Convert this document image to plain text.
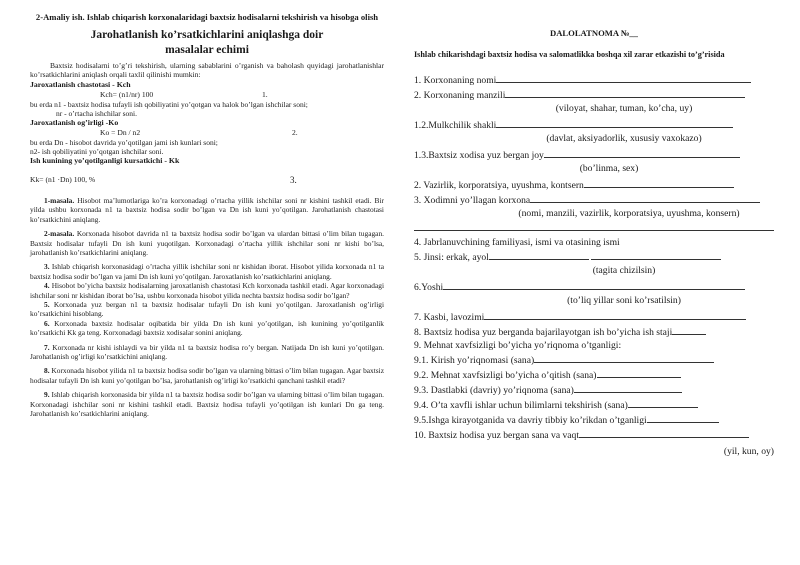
2-Amaliy ish. Ishlab chiqarish korxonalaridagi baxtsiz hodisalarni tekshirish va hisobga olish

Jarohatlanish ko’rsatkichlarini aniqlashga doir

masalalar echimi

Baxtsiz hodisalarni to’g’ri tekshirish, ularning sabablarini o’rganish va baholash quyidagi jarohatlanishlar ko’rsatkichlarini aniqlash orqali taxlil qilinishi mumkin:

Jaroxatlanish chastotasi - Kch

Kch= (n1/nr) 100	1.

bu erda n1 - baxtsiz hodisa tufayli ish qobiliyatini yo’qotgan va halok bo’lgan ishchilar soni;

nr - o’rtacha ishchilar soni.

Jaroxatlanish og’irligi -Ko

Ko = Dn / n2	2.

bu erda Dn - hisobot davrida yo’qotilgan jami ish kunlari soni;

n2- ish qobiliyatini yo’qotgan ishchilar soni.

Ish kunining yo’qotilganligi kursatkichi - Kk

Kk= (n1 ·Dn) 100, %	3.

1-masala. Hisobot ma’lumotlariga ko’ra korxonadagi o’rtacha yillik ishchilar soni nr kishini tashkil etadi. Bir yilda ushbu korxonada n1 ta baxtsiz hodisa sodir bo’lgan va Dn ish kuni yo’qotilgan. Jarohatlanish chastotasi ko’rsatkichini aniqlang.

2-masala. Korxonada hisobot davrida n1 ta baxtsiz hodisa sodir bo’lgan va ulardan bittasi o’lim bilan tugagan. Baxtsiz hodisalar tufayli Dn ish kuni yuqotilgan. Korxonadagi o’rtacha yillik ishchilar soni nr kishi bo’lsa, jarohatlanish ko’rsatkichlarini aniqlang.

3. Ishlab chiqarish korxonasidagi o’rtacha yillik ishchilar soni nr kishidan iborat. Hisobot yilida korxonada n1 ta baxtsiz hodisa sodir bo’lgan va jami Dn ish kuni yo’qotilgan. Jaroxatlanish ko’rsatkichlarini aniqlang.

4. Hisobot bo’yicha baxtsiz hodisalarning jaroxatlanish chastotasi Kch korxonada tashkil etadi. Agar korxonadagi ishchilar soni nr kishidan iborat bo’lsa, ushbu korxonada hisobot yilida nechta baxtsiz hodisa sodir bo’lgan?

5. Korxonada yuz bergan n1 ta baxtsiz hodisalar tufayli Dn ish kuni yo’qotilgan. Jaroxatlanish og’irligi ko’rsatkichini hisoblang.

6. Korxonada baxtsiz hodisalar oqibatida bir yilda Dn ish kuni yo’qotilgan, ish kunining yo’qotilganlik ko’rsatkichi Kk ga teng. Korxonadagi baxtsiz xodisalar sonini aniqlang.

7. Korxonada nr kishi ishlaydi va bir yilda n1 ta baxtsiz hodisa ro’y bergan. Natijada Dn ish kuni yo’qotilgan. Jarohatlanish og’irligi ko’rsatkichini aniqlang.

8. Korxonada hisobot yilida n1 ta baxtsiz hodisa sodir bo’lgan va ularning bittasi o’lim bilan tugagan. Agar baxtsiz hodisalar tufayli Dn ish kuni yo’qotilgan bo’lsa, jarohatlanish og’irligi ko’rsatkichi qanchani tashkil etadi?

9. Ishlab chiqarish korxonasida bir yilda n1 ta baxtsiz hodisa sodir bo’lgan va ularning bittasi o’lim bilan tugagan. Korxonadagi ishchilar soni nr kishini tashkil etadi. Baxtsiz hodisa tufayli yo’qotilgan ish kunlari Dn ga teng. Jarohatlanish ko’rsatkichlarini aniqlang.

DALOLATNOMA №__

Ishlab chikarishdagi baxtsiz hodisa va salomatlikka boshqa xil zarar etkazishi to’g’risida

1. Korxonaning nomi

2. Korxonaning manzili

(viloyat, shahar, tuman, ko’cha, uy)

1.2.Mulkchilik shakli

(davlat, aksiyadorlik, xususiy vaxokazo)

1.3.Baxtsiz xodisa yuz bergan joy

(bo’linma, sex)

2. Vazirlik, korporatsiya, uyushma, kontsern

3. Xodimni yo’llagan korxona

(nomi, manzili, vazirlik, korporatsiya, uyushma, konsern)

4. Jabrlanuvchining familiyasi, ismi va otasining ismi

5. Jinsi: erkak, ayol

(tagita chizilsin)

6.Yoshi

(to’liq yillar soni ko’rsatilsin)

7. Kasbi, lavozimi

8. Baxtsiz hodisa yuz berganda bajarilayotgan ish bo’yicha ish staji

9. Mehnat xavfsizligi bo’yicha yo’riqnoma o’tganligi:

9.1. Kirish yo’riqnomasi (sana)

9.2. Mehnat xavfsizligi bo’yicha o’qitish (sana)

9.3. Dastlabki (davriy) yo’riqnoma (sana)

9.4. O’ta xavfli ishlar uchun bilimlarni tekshirish (sana)

9.5.Ishga kirayotganida va davriy tibbiy ko’rikdan o’tganligi

10. Baxtsiz hodisa yuz bergan sana va vaqt

(yil, kun, oy)
